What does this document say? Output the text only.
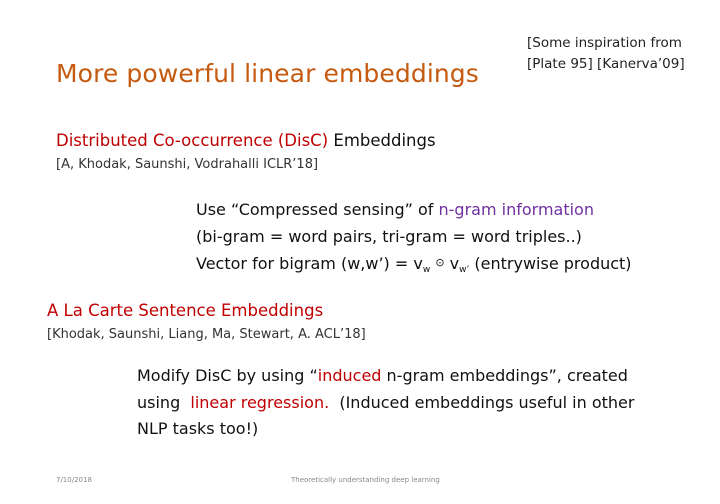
[Some inspiration from
[Plate 95] [Kanerva’09]
More powerful linear embeddings
Distributed Co-occurrence (DisC) Embeddings
[A, Khodak, Saunshi, Vodrahalli ICLR’18]
Use “Compressed sensing” of n-gram information
(bi-gram = word pairs, tri-gram = word triples..)
Vector for bigram (w,w’) = $v_w$ ⊙ $v_{w’}$ (entrywise product)
A La Carte Sentence Embeddings
[Khodak, Saunshi, Liang, Ma, Stewart, A. ACL’18]
Modify DisC by using “induced n-gram embeddings”, created
using  linear regression.  (Induced embeddings useful in other
NLP tasks too!)
7/10/2018	Theoretically understanding deep learning
